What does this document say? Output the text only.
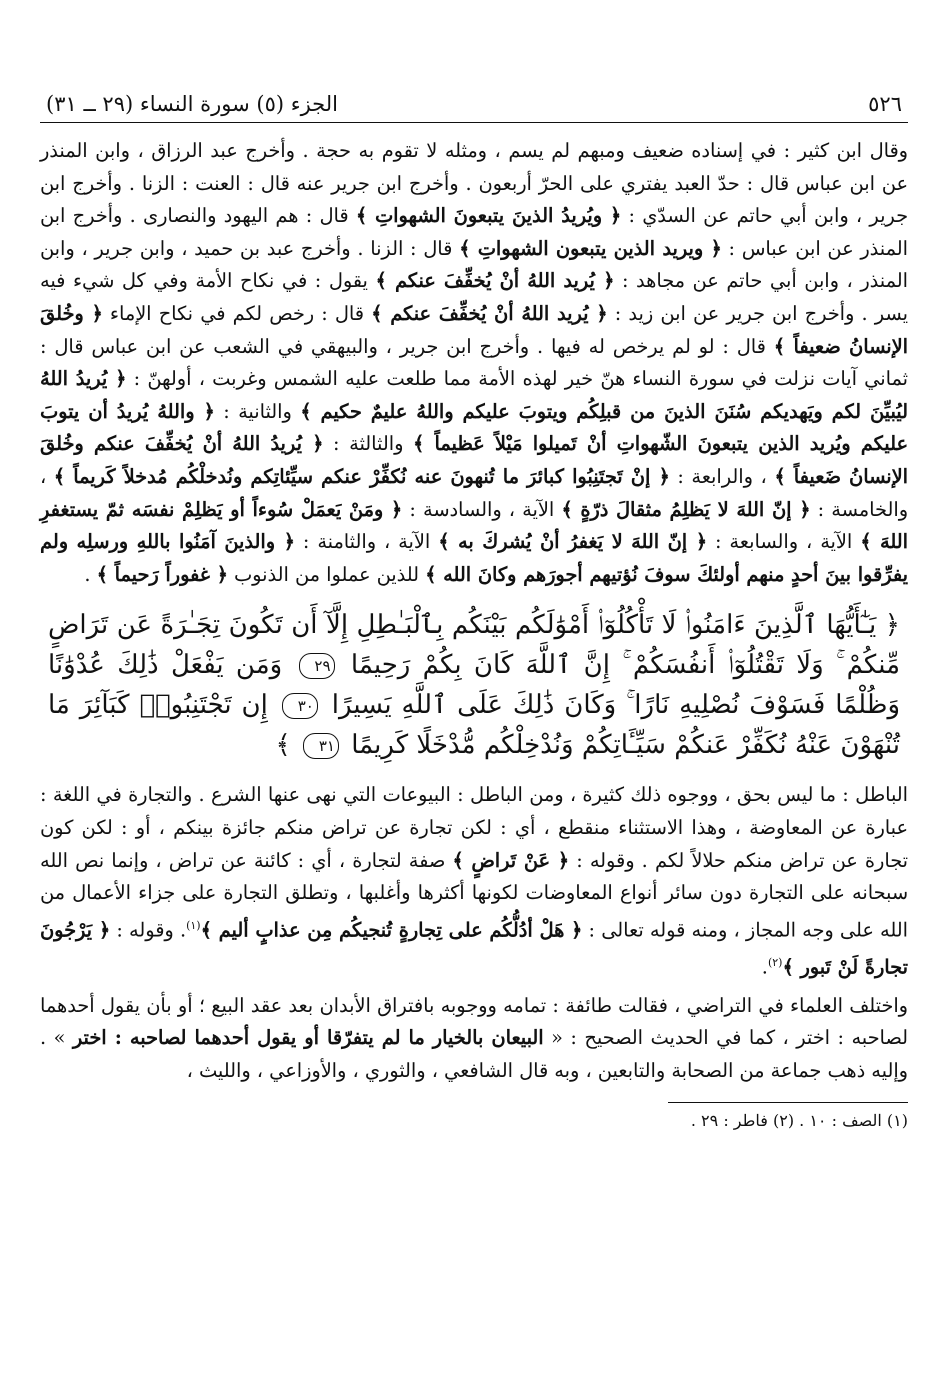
٥٢٦
الجزء (٥) سورة النساء (٢٩ ــ ٣١)

وقال ابن كثير : في إسناده ضعيف ومبهم لم يسم ، ومثله لا تقوم به حجة . وأخرج عبد الرزاق ، وابن المنذر عن ابن عباس قال : حدّ العبد يفتري على الحرّ أربعون . وأخرج ابن جرير عنه قال : العنت : الزنا . وأخرج ابن جرير ، وابن أبي حاتم عن السدّي : ﴿ ويُريدُ الذينَ يتبعونَ الشهواتِ ﴾ قال : هم اليهود والنصارى . وأخرج ابن المنذر عن ابن عباس : ﴿ ويريد الذين يتبعون الشهواتِ ﴾ قال : الزنا . وأخرج عبد بن حميد ، وابن جرير ، وابن المنذر ، وابن أبي حاتم عن مجاهد : ﴿ يُريد اللهُ أنْ يُخفِّفَ عنكم ﴾ يقول : في نكاح الأمة وفي كل شيء فيه يسر . وأخرج ابن جرير عن ابن زيد : ﴿ يُريد اللهُ أنْ يُخفِّفَ عنكم ﴾ قال : رخص لكم في نكاح الإماء ﴿ وخُلقَ الإنسانُ ضعيفاً ﴾ قال : لو لم يرخص له فيها . وأخرج ابن جرير ، والبيهقي في الشعب عن ابن عباس قال : ثماني آيات نزلت في سورة النساء هنّ خير لهذه الأمة مما طلعت عليه الشمس وغربت ، أولهنّ : ﴿ يُريدُ اللهُ ليُبيِّنَ لكم ويَهديكم سُنَنَ الذينَ من قبلِكُم ويتوبَ عليكم واللهُ عليمٌ حكيم ﴾ والثانية : ﴿ واللهُ يُريدُ أن يتوبَ عليكم ويُريد الذين يتبعونَ الشّهواتِ أنْ تَميلوا مَيْلاً عَظيماً ﴾ والثالثة : ﴿ يُريدُ اللهُ أنْ يُخفِّفَ عنكم وخُلقَ الإنسانُ ضَعيفاً ﴾ ، والرابعة : ﴿ إنْ تَجتَنِبُوا كبائرَ ما تُنهونَ عنه نُكفِّرْ عنكم سيِّئاتِكم ونُدخلْكُم مُدخلاً كَريماً ﴾ ، والخامسة : ﴿ إنّ اللهَ لا يَظلِمُ مثقالَ ذرّةٍ ﴾ الآية ، والسادسة : ﴿ ومَنْ يَعمَلْ سُوءاً أو يَظلِمْ نفسَه ثمّ يستغفرِ اللهَ ﴾ الآية ، والسابعة : ﴿ إنّ اللهَ لا يَغفرُ أنْ يُشركَ به ﴾ الآية ، والثامنة : ﴿ والذينَ آمَنُوا باللهِ ورسلِه ولم يفرِّقوا بينَ أحدٍ منهم أولئكَ سوفَ نُؤتيهم أجورَهم وكانَ الله ﴾ للذين عملوا من الذنوب ﴿ غفوراً رَحيماً ﴾ .

﴿ يَـٰٓأَيُّهَا ٱلَّذِينَ ءَامَنُوا۟ لَا تَأْكُلُوٓا۟ أَمْوَٰلَكُم بَيْنَكُم بِٱلْبَـٰطِلِ إِلَّآ أَن تَكُونَ تِجَـٰرَةً عَن تَرَاضٍ مِّنكُمْ ۚ وَلَا تَقْتُلُوٓا۟ أَنفُسَكُمْ ۚ إِنَّ ٱللَّهَ كَانَ بِكُمْ رَحِيمًا ٢٩ وَمَن يَفْعَلْ ذَٰلِكَ عُدْوَٰنًا وَظُلْمًا فَسَوْفَ نُصْلِيهِ نَارًا ۚ وَكَانَ ذَٰلِكَ عَلَى ٱللَّهِ يَسِيرًا ٣٠ إِن تَجْتَنِبُوا۟ كَبَآئِرَ مَا تُنْهَوْنَ عَنْهُ نُكَفِّرْ عَنكُمْ سَيِّـَٔاتِكُمْ وَنُدْخِلْكُم مُّدْخَلًا كَرِيمًا ٣١ ﴾

الباطل : ما ليس بحق ، ووجوه ذلك كثيرة ، ومن الباطل : البيوعات التي نهى عنها الشرع . والتجارة في اللغة : عبارة عن المعاوضة ، وهذا الاستثناء منقطع ، أي : لكن تجارة عن تراض منكم جائزة بينكم ، أو : لكن كون تجارة عن تراض منكم حلالاً لكم . وقوله : ﴿ عَنْ تَراضٍ ﴾ صفة لتجارة ، أي : كائنة عن تراض ، وإنما نص الله سبحانه على التجارة دون سائر أنواع المعاوضات لكونها أكثرها وأغلبها ، وتطلق التجارة على جزاء الأعمال من الله على وجه المجاز ، ومنه قوله تعالى : ﴿ هَلْ أدُلُّكُم على تِجارةٍ تُنجيكُم مِن عذابٍ أليم ﴾$^{(١)}$. وقوله : ﴿ يَرْجُونَ تجارةً لَنْ تَبور ﴾$^{(٢)}$.

واختلف العلماء في التراضي ، فقالت طائفة : تمامه ووجوبه بافتراق الأبدان بعد عقد البيع ؛ أو بأن يقول أحدهما لصاحبه : اختر ، كما في الحديث الصحيح : « البيعان بالخيار ما لم يتفرّقا أو يقول أحدهما لصاحبه : اختر » . وإليه ذهب جماعة من الصحابة والتابعين ، وبه قال الشافعي ، والثوري ، والأوزاعي ، والليث ،

(١) الصف : ١٠ . (٢) فاطر : ٢٩ .
